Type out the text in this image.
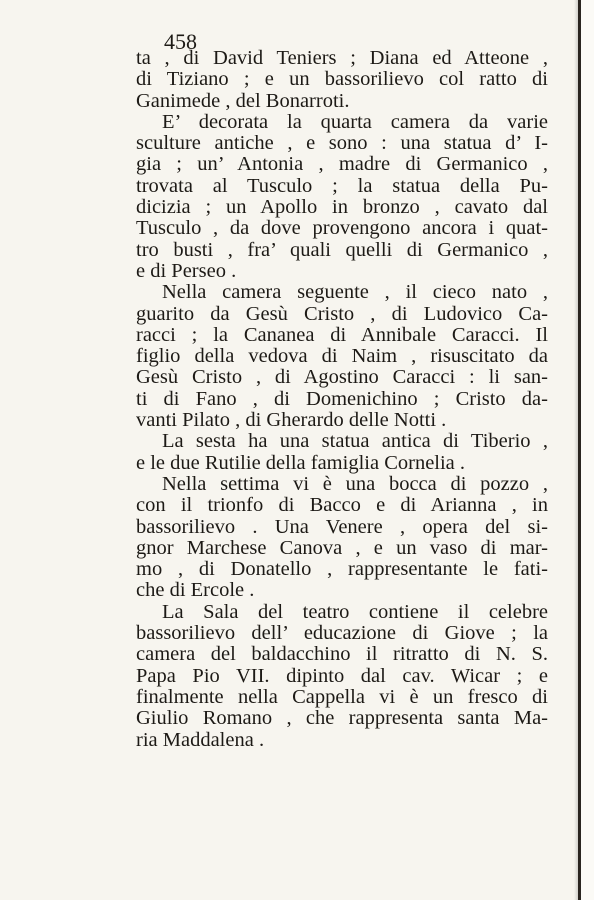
458
ta , di David Teniers ; Diana ed Atteone ,
di Tiziano ; e un bassorilievo col ratto di
Ganimede , del Bonarroti.
E’ decorata la quarta camera da varie
sculture antiche , e sono : una statua d’ I-
gia ; un’ Antonia , madre di Germanico ,
trovata al Tusculo ; la statua della Pu-
dicizia ; un Apollo in bronzo , cavato dal
Tusculo , da dove provengono ancora i quat-
tro busti , fra’ quali quelli di Germanico ,
e di Perseo .
Nella camera seguente , il cieco nato ,
guarito da Gesù Cristo , di Ludovico Ca-
racci ; la Cananea di Annibale Caracci. Il
figlio della vedova di Naim , risuscitato da
Gesù Cristo , di Agostino Caracci : li san-
ti di Fano , di Domenichino ; Cristo da-
vanti Pilato , di Gherardo delle Notti .
La sesta ha una statua antica di Tiberio ,
e le due Rutilie della famiglia Cornelia .
Nella settima vi è una bocca di pozzo ,
con il trionfo di Bacco e di Arianna , in
bassorilievo . Una Venere , opera del si-
gnor Marchese Canova , e un vaso di mar-
mo , di Donatello , rappresentante le fati-
che di Ercole .
La Sala del teatro contiene il celebre
bassorilievo dell’ educazione di Giove ; la
camera del baldacchino il ritratto di N. S.
Papa Pio VII. dipinto dal cav. Wicar ; e
finalmente nella Cappella vi è un fresco di
Giulio Romano , che rappresenta santa Ma-
ria Maddalena .
